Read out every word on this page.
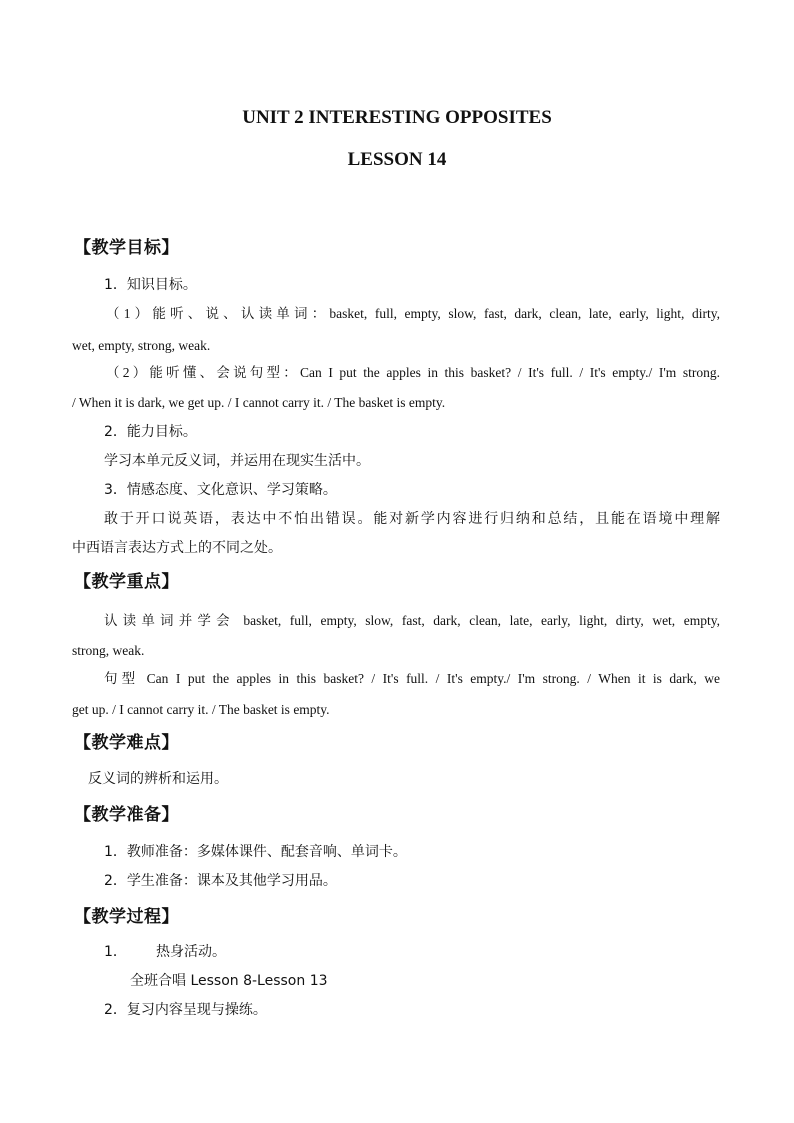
UNIT 2 INTERESTING OPPOSITES
LESSON 14

【教学目标】

1．知识目标。

（1）能听、说、认读单词：basket, full, empty, slow, fast, dark, clean, late, early, light, dirty,

wet, empty, strong, weak.

（2）能听懂、会说句型：Can I put the apples in this basket? / It's full. / It's empty./ I'm strong.

/ When it is dark, we get up. / I cannot carry it. / The basket is empty.

2．能力目标。

学习本单元反义词，并运用在现实生活中。

3．情感态度、文化意识、学习策略。

敢于开口说英语，表达中不怕出错误。能对新学内容进行归纳和总结，且能在语境中理解

中西语言表达方式上的不同之处。

【教学重点】

认读单词并学会 basket, full, empty, slow, fast, dark, clean, late, early, light, dirty, wet, empty,

strong, weak.

句型 Can I put the apples in this basket? / It's full. / It's empty./ I'm strong. / When it is dark, we

get up. / I cannot carry it. / The basket is empty.

【教学难点】

反义词的辨析和运用。

【教学准备】

1．教师准备：多媒体课件、配套音响、单词卡。

2．学生准备：课本及其他学习用品。

【教学过程】

1． 热身活动。

全班合唱 Lesson 8-Lesson 13

2．复习内容呈现与操练。
